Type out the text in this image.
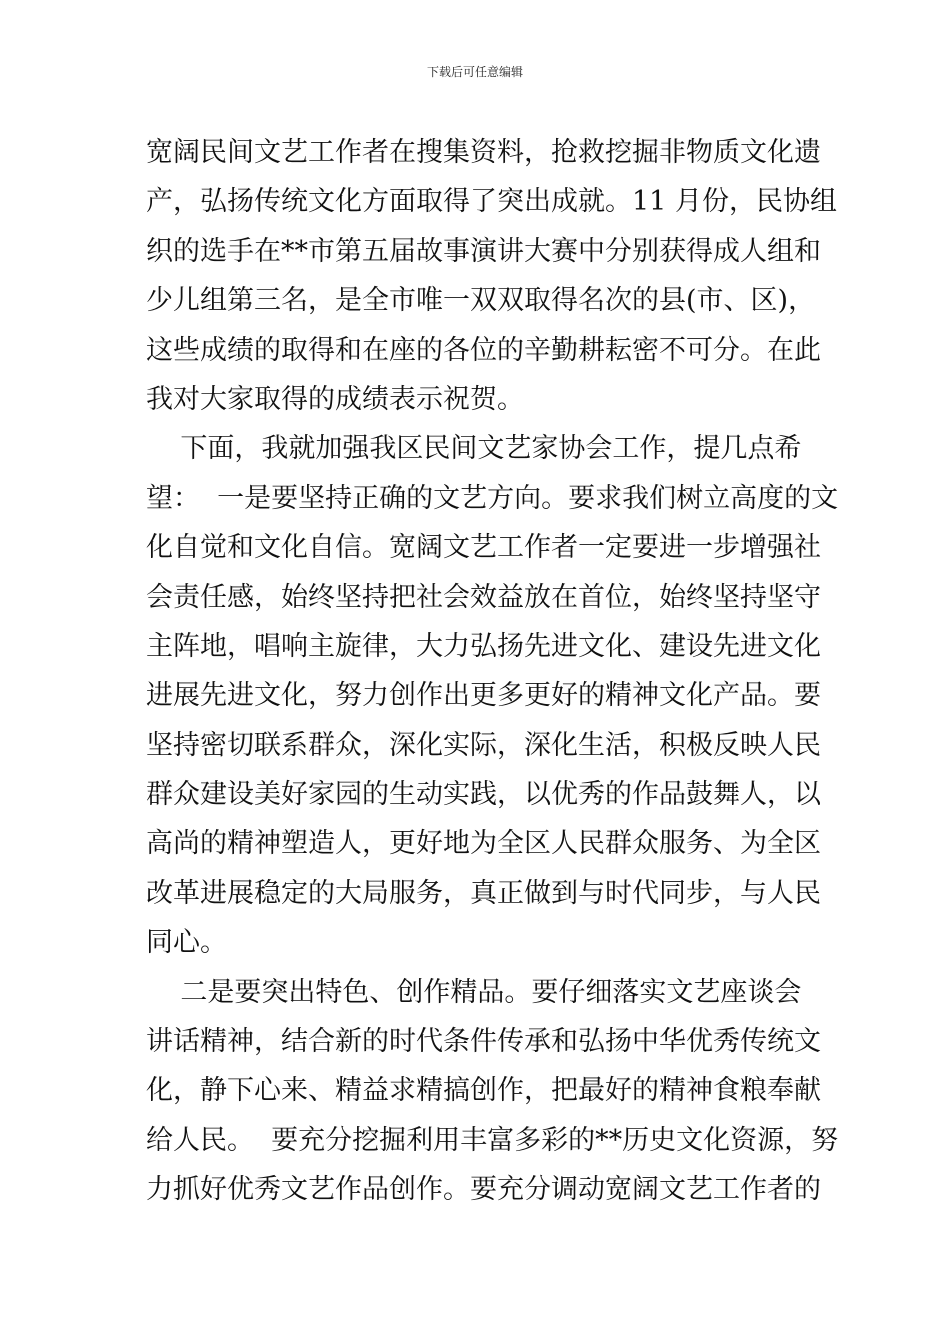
下载后可任意编辑
宽阔民间文艺工作者在搜集资料，抢救挖掘非物质文化遗
产，弘扬传统文化方面取得了突出成就。11 月份，民协组
织的选手在**市第五届故事演讲大赛中分别获得成人组和
少儿组第三名，是全市唯一双双取得名次的县(市、区)，
这些成绩的取得和在座的各位的辛勤耕耘密不可分。在此
我对大家取得的成绩表示祝贺。
下面，我就加强我区民间文艺家协会工作，提几点希
望：  一是要坚持正确的文艺方向。要求我们树立高度的文
化自觉和文化自信。宽阔文艺工作者一定要进一步增强社
会责任感，始终坚持把社会效益放在首位，始终坚持坚守
主阵地，唱响主旋律，大力弘扬先进文化、建设先进文化
进展先进文化，努力创作出更多更好的精神文化产品。要
坚持密切联系群众，深化实际，深化生活，积极反映人民
群众建设美好家园的生动实践，以优秀的作品鼓舞人，以
高尚的精神塑造人，更好地为全区人民群众服务、为全区
改革进展稳定的大局服务，真正做到与时代同步，与人民
同心。
二是要突出特色、创作精品。要仔细落实文艺座谈会
讲话精神，结合新的时代条件传承和弘扬中华优秀传统文
化，静下心来、精益求精搞创作，把最好的精神食粮奉献
给人民。  要充分挖掘利用丰富多彩的**历史文化资源，努
力抓好优秀文艺作品创作。要充分调动宽阔文艺工作者的
